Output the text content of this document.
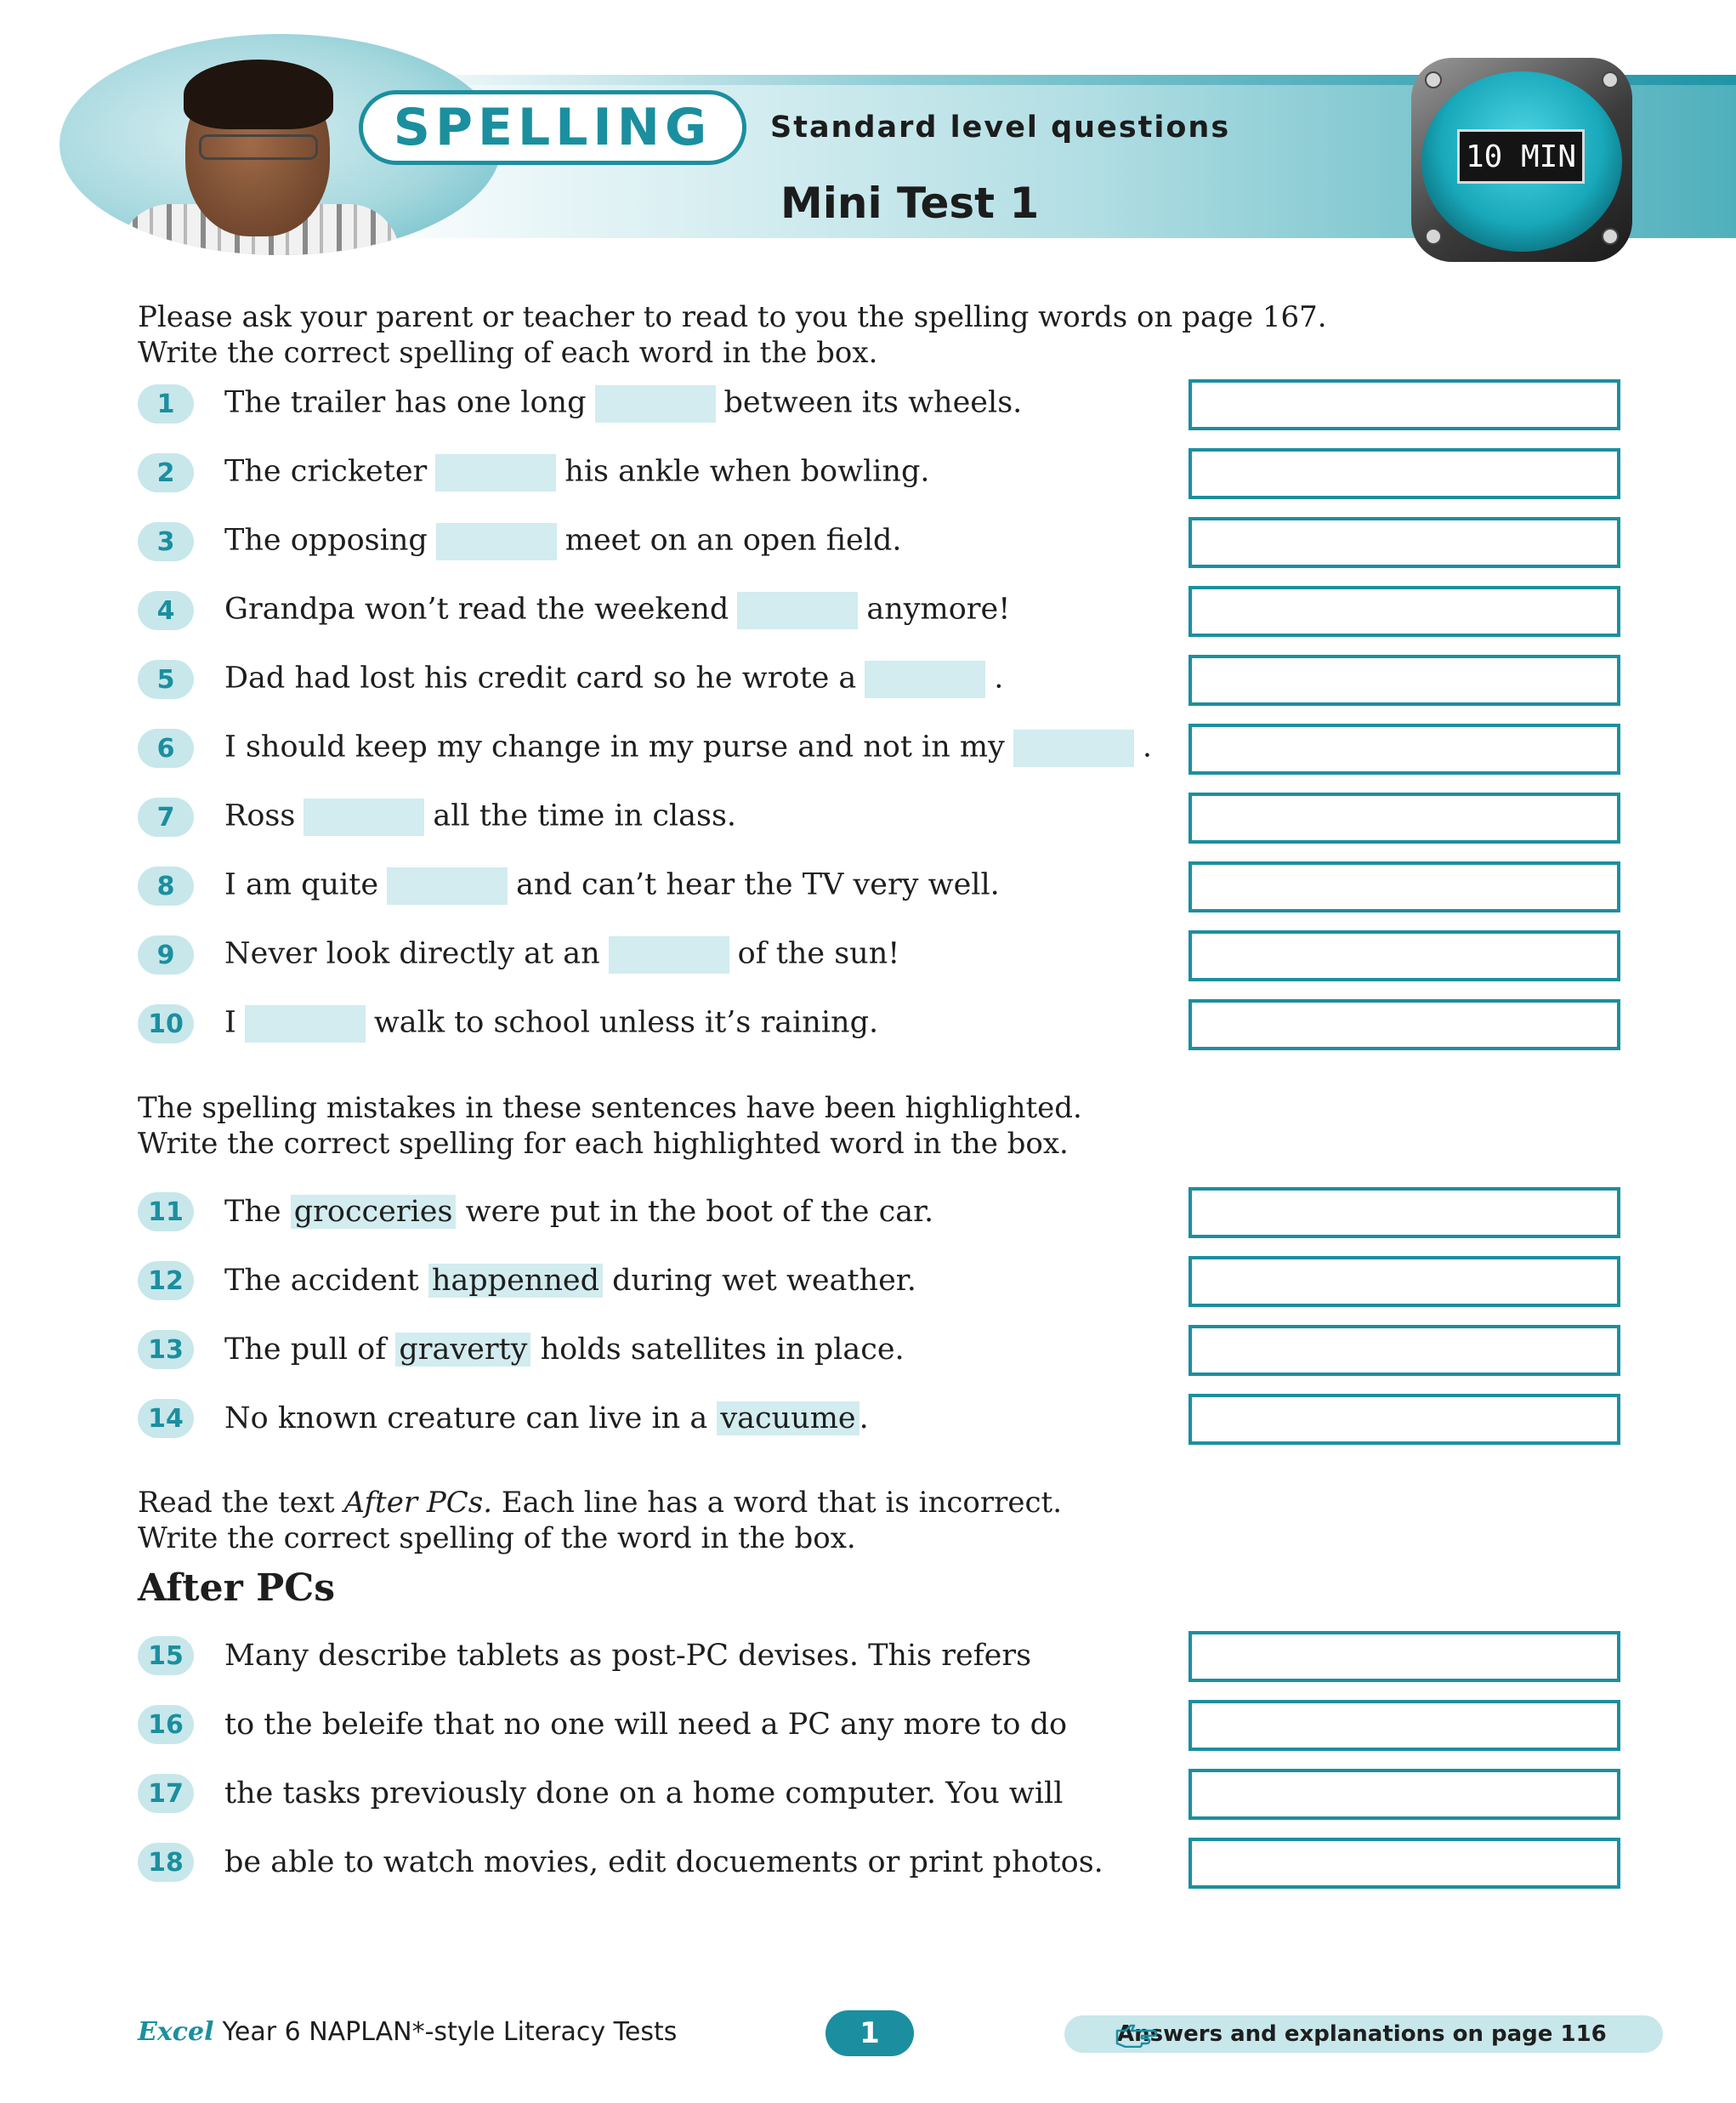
SPELLING Standard level questions
Mini Test 1
10 MIN

Please ask your parent or teacher to read to you the spelling words on page 167.

Write the correct spelling of each word in the box.

1	The trailer has one long	between its wheels.
2	The cricketer	his ankle when bowling.
3	The opposing	meet on an open field.
4	Grandpa won’t read the weekend	anymore!
5	Dad had lost his credit card so he wrote a	.
6	I should keep my change in my purse and not in my	.
7	Ross	all the time in class.
8	I am quite	and can’t hear the TV very well.
9	Never look directly at an	of the sun!
10	I	walk to school unless it’s raining.

The spelling mistakes in these sentences have been highlighted.

Write the correct spelling for each highlighted word in the box.

11	The grocceries were put in the boot of the car.
12	The accident happenned during wet weather.
13	The pull of graverty holds satellites in place.
14	No known creature can live in a vacuume .

Read the text After PCs. Each line has a word that is incorrect.

Write the correct spelling of the word in the box.

After PCs
15	Many describe tablets as post-PC devises. This refers
16	to the beleife that no one will need a PC any more to do
17	the tasks previously done on a home computer. You will
18	be able to watch movies, edit docuements or print photos.
Excel Year 6 NAPLAN*-style Literacy Tests	1	Answers and explanations on page 116
